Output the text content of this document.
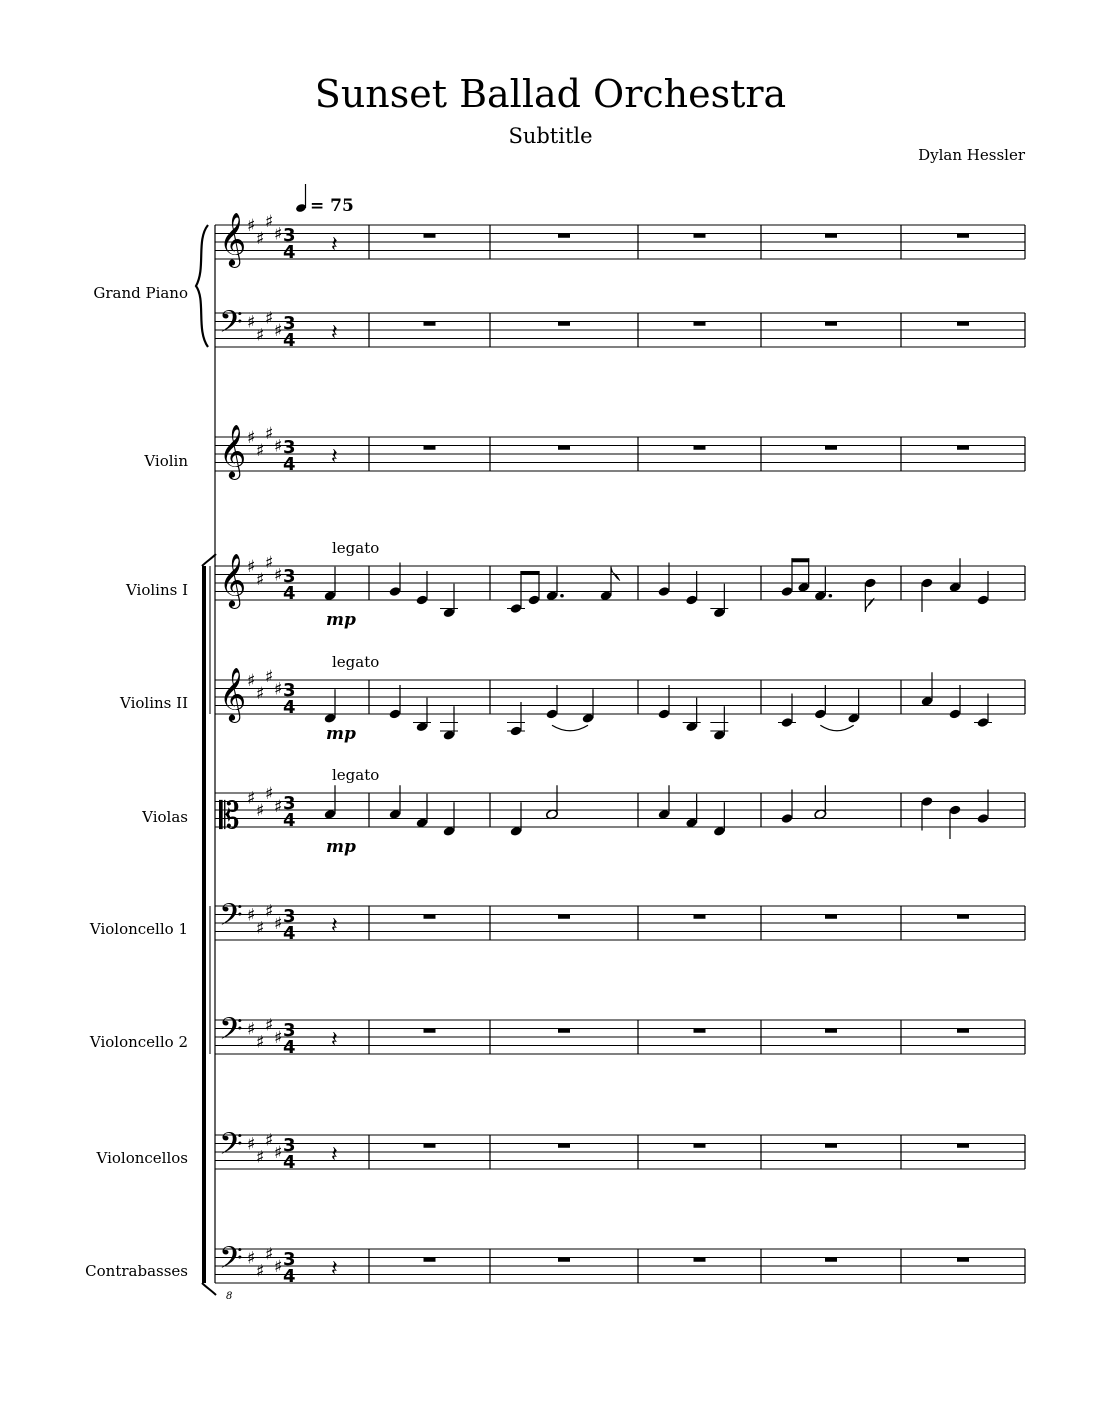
Sunset Ballad Orchestra
Subtitle
Dylan Hessler
Grand Piano
Violin
Violins I
Violins II
Violas
Violoncello 1
Violoncello 2
Violoncellos
Contrabasses
𝄞 ♯
♯
♯
♯ 3
4 𝄽
𝄢 ♯
♯
♯
♯ 3
4 𝄽
𝄞 ♯
♯
♯
♯ 3
4 𝄽
𝄞 ♯
♯
♯
♯ 3
4
𝄞 ♯
♯
♯
♯ 3
4
𝄡 ♯
♯
♯
♯ 3
4
𝄢 ♯
♯
♯
♯ 3
4 𝄽
𝄢 ♯
♯
♯
♯ 3
4 𝄽
𝄢 ♯
♯
♯
♯ 3
4 𝄽
𝄢
8
♯
♯
♯
♯ 3
4 𝄽
legato
mp
legato
mp
legato
mp
= 75
